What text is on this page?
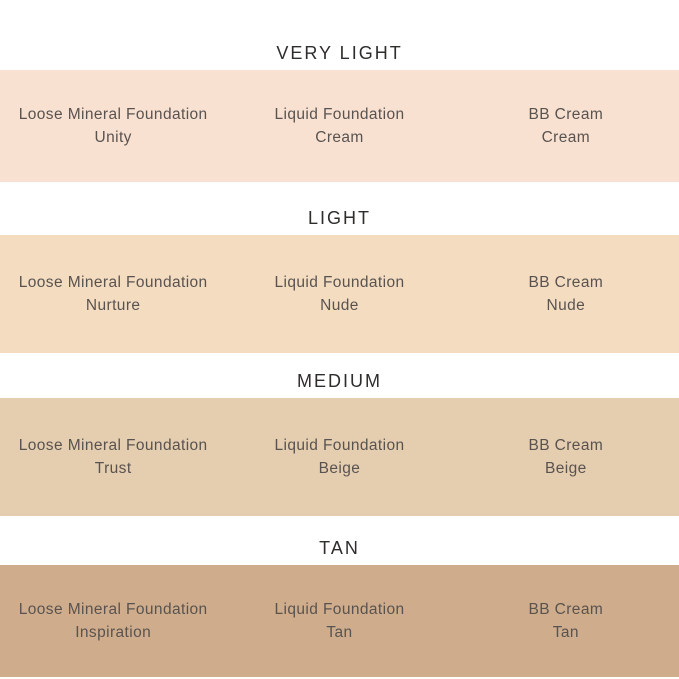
VERY LIGHT
Loose Mineral Foundation
Unity
Liquid Foundation
Cream
BB Cream
Cream
LIGHT
Loose Mineral Foundation
Nurture
Liquid Foundation
Nude
BB Cream
Nude
MEDIUM
Loose Mineral Foundation
Trust
Liquid Foundation
Beige
BB Cream
Beige
TAN
Loose Mineral Foundation
Inspiration
Liquid Foundation
Tan
BB Cream
Tan
